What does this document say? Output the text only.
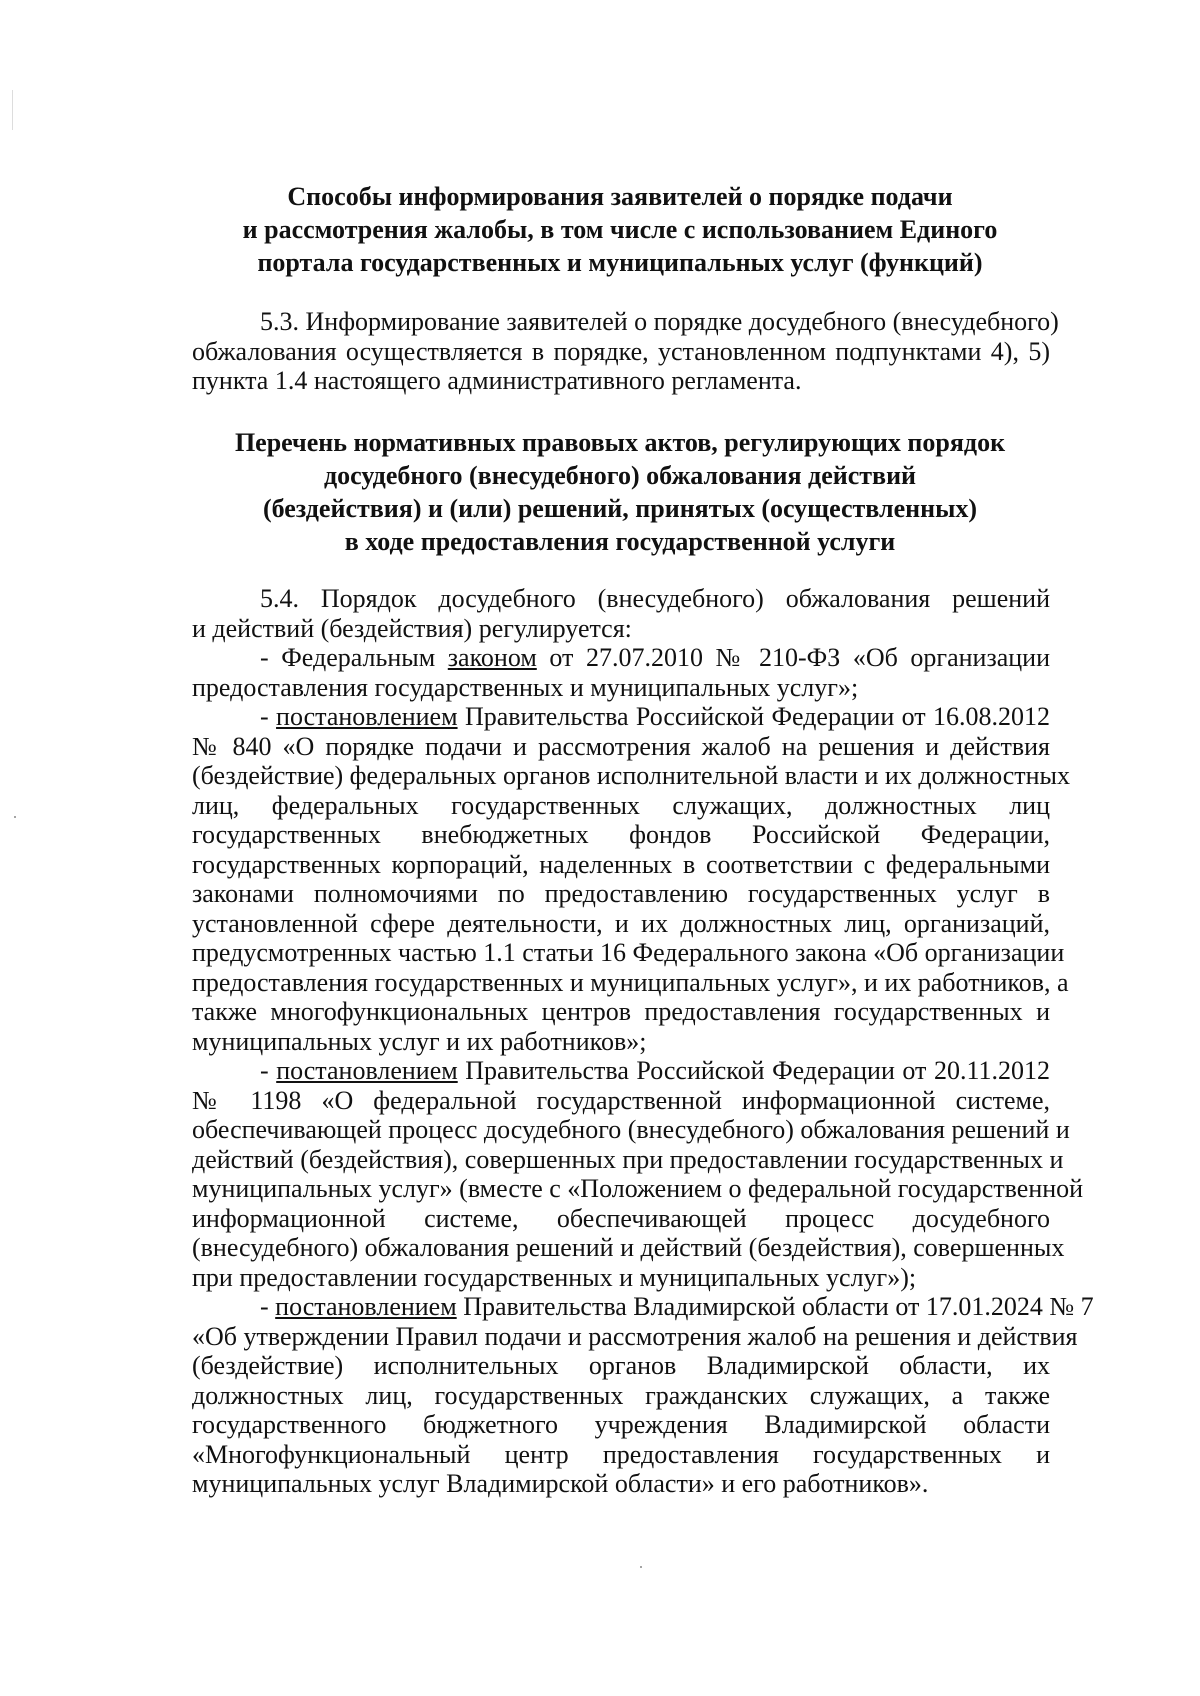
Способы информирования заявителей о порядке подачи
и рассмотрения жалобы, в том числе с использованием Единого
портала государственных и муниципальных услуг (функций)
5.3. Информирование заявителей о порядке досудебного (внесудебного)
обжалования осуществляется в порядке, установленном подпунктами 4), 5)
пункта 1.4 настоящего административного регламента.
Перечень нормативных правовых актов, регулирующих порядок
досудебного (внесудебного) обжалования действий
(бездействия) и (или) решений, принятых (осуществленных)
в ходе предоставления государственной услуги
5.4. Порядок досудебного (внесудебного) обжалования решений
и действий (бездействия) регулируется:
- Федеральным законом от 27.07.2010 № 210-ФЗ «Об организации
предоставления государственных и муниципальных услуг»;
- постановлением Правительства Российской Федерации от 16.08.2012
№ 840 «О порядке подачи и рассмотрения жалоб на решения и действия
(бездействие) федеральных органов исполнительной власти и их должностных
лиц, федеральных государственных служащих, должностных лиц
государственных внебюджетных фондов Российской Федерации,
государственных корпораций, наделенных в соответствии с федеральными
законами полномочиями по предоставлению государственных услуг в
установленной сфере деятельности, и их должностных лиц, организаций,
предусмотренных частью 1.1 статьи 16 Федерального закона «Об организации
предоставления государственных и муниципальных услуг», и их работников, а
также многофункциональных центров предоставления государственных и
муниципальных услуг и их работников»;
- постановлением Правительства Российской Федерации от 20.11.2012
№ 1198 «О федеральной государственной информационной системе,
обеспечивающей процесс досудебного (внесудебного) обжалования решений и
действий (бездействия), совершенных при предоставлении государственных и
муниципальных услуг» (вместе с «Положением о федеральной государственной
информационной системе, обеспечивающей процесс досудебного
(внесудебного) обжалования решений и действий (бездействия), совершенных
при предоставлении государственных и муниципальных услуг»);
- постановлением Правительства Владимирской области от 17.01.2024 № 7
«Об утверждении Правил подачи и рассмотрения жалоб на решения и действия
(бездействие) исполнительных органов Владимирской области, их
должностных лиц, государственных гражданских служащих, а также
государственного бюджетного учреждения Владимирской области
«Многофункциональный центр предоставления государственных и
муниципальных услуг Владимирской области» и его работников».
